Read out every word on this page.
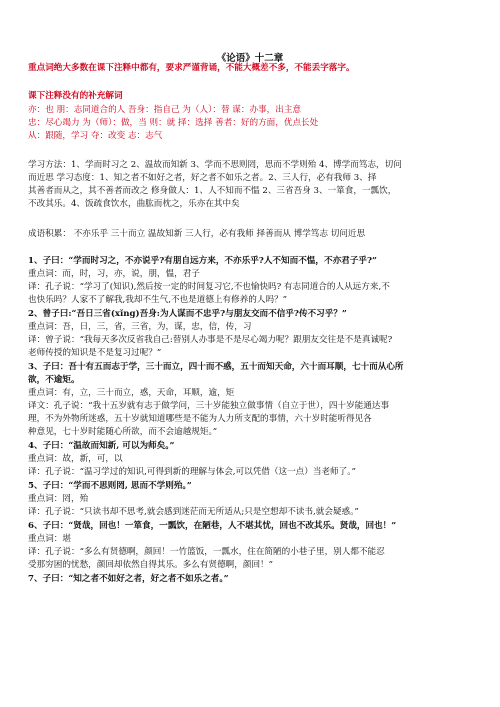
《论语》十二章
重点词绝大多数在课下注释中都有，要求严谨背诵，不能大概差不多，不能丢字落字。
课下注释没有的补充解词
亦：也 朋：志同道合的人 吾身：指自己 为（人）：替 谋：办事，出主意
忠：尽心竭力 为（师）：做，当 则：就 择：选择 善者：好的方面，优点长处
从：跟随，学习 夺：改变 志：志气
学习方法：1、学而时习之 2、温故而知新 3、学而不思则罔，思而不学则殆 4、博学而笃志，切问
而近思 学习态度：1、知之者不如好之者，好之者不如乐之者。2、三人行，必有我师 3、择
其善者而从之，其不善者而改之 修身做人：1、人不知而不愠 2、三省吾身 3、一箪食，一瓢饮，
不改其乐。4、饭疏食饮水，曲肱而枕之，乐亦在其中矣
成语积累： 不亦乐乎 三十而立 温故知新 三人行，必有我师 择善而从 博学笃志 切问近思
1、子曰：“学而时习之，不亦说乎?有朋自远方来，不亦乐乎?人不知而不愠，不亦君子乎?”
重点词：而，时，习，亦，说，朋，愠，君子
译：孔子说：“学习了(知识),然后按一定的时间复习它,不也愉快吗? 有志同道合的人从远方来,不
也快乐吗？人家不了解我,我却不生气,不也是道德上有修养的人吗？”
2、曾子曰:“吾日三省(xǐng)吾身:为人谋而不忠乎?与朋友交而不信乎?传不习乎？”
重点词：吾，日，三，省，三省，为，谋，忠，信，传，习
译：曾子说：“我每天多次反省我自己:替别人办事是不是尽心竭力呢？跟朋友交往是不是真诚呢?
老师传授的知识是不是复习过呢？”
3、子曰：吾十有五而志于学，三十而立，四十而不惑，五十而知天命，六十而耳顺，七十而从心所
欲，不逾矩。
重点词：有，立，三十而立，惑，天命，耳顺，逾，矩
译文：孔子说：“我十五岁就有志于做学问，三十岁能独立做事情（自立于世），四十岁能通达事
理，不为外物所迷惑，五十岁就知道哪些是不能为人力所支配的事情，六十岁时能听得见各
种意见，七十岁时能随心所欲，而不会逾越规矩。”
4、子曰：“温故而知新, 可以为师矣。”
重点词：故，新，可，以
译：孔子说：“温习学过的知识,可得到新的理解与体会,可以凭借（这一点）当老师了。”
5、子曰：“学而不思则罔, 思而不学则殆。”
重点词：罔，殆
译：孔子说：“只读书却不思考,就会感到迷茫而无所适从;只是空想却不读书,就会疑惑。”
6、子曰：“贤哉，回也！一箪食，一瓢饮，在陋巷，人不堪其忧，回也不改其乐。贤哉，回也！”
重点词：堪
译：孔子说：“多么有贤德啊，颜回！一竹篮饭，一瓢水，住在简陋的小巷子里，别人都不能忍
受那穷困的忧愁，颜回却依然自得其乐。多么有贤德啊，颜回！”
7、子曰：“知之者不如好之者，好之者不如乐之者。”
